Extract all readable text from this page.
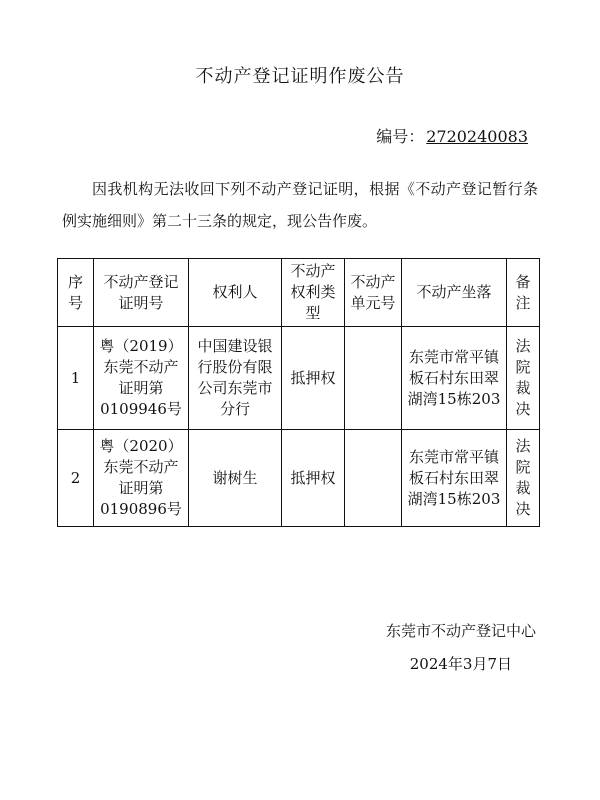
不动产登记证明作废公告
编号： 2720240083
因我机构无法收回下列不动产登记证明，根据《不动产登记暂行条例实施细则》第二十三条的规定，现公告作废。
序号	不动产登记证明号	权利人	不动产权利类型	不动产单元号	不动产坐落	备注
1	粤（2019）东莞不动产证明第0109946号	中国建设银行股份有限公司东莞市分行	抵押权		东莞市常平镇板石村东田翠湖湾15栋203	法院裁决
2	粤（2020）东莞不动产证明第0190896号	谢树生	抵押权		东莞市常平镇板石村东田翠湖湾15栋203	法院裁决
东莞市不动产登记中心
2024年3月7日
